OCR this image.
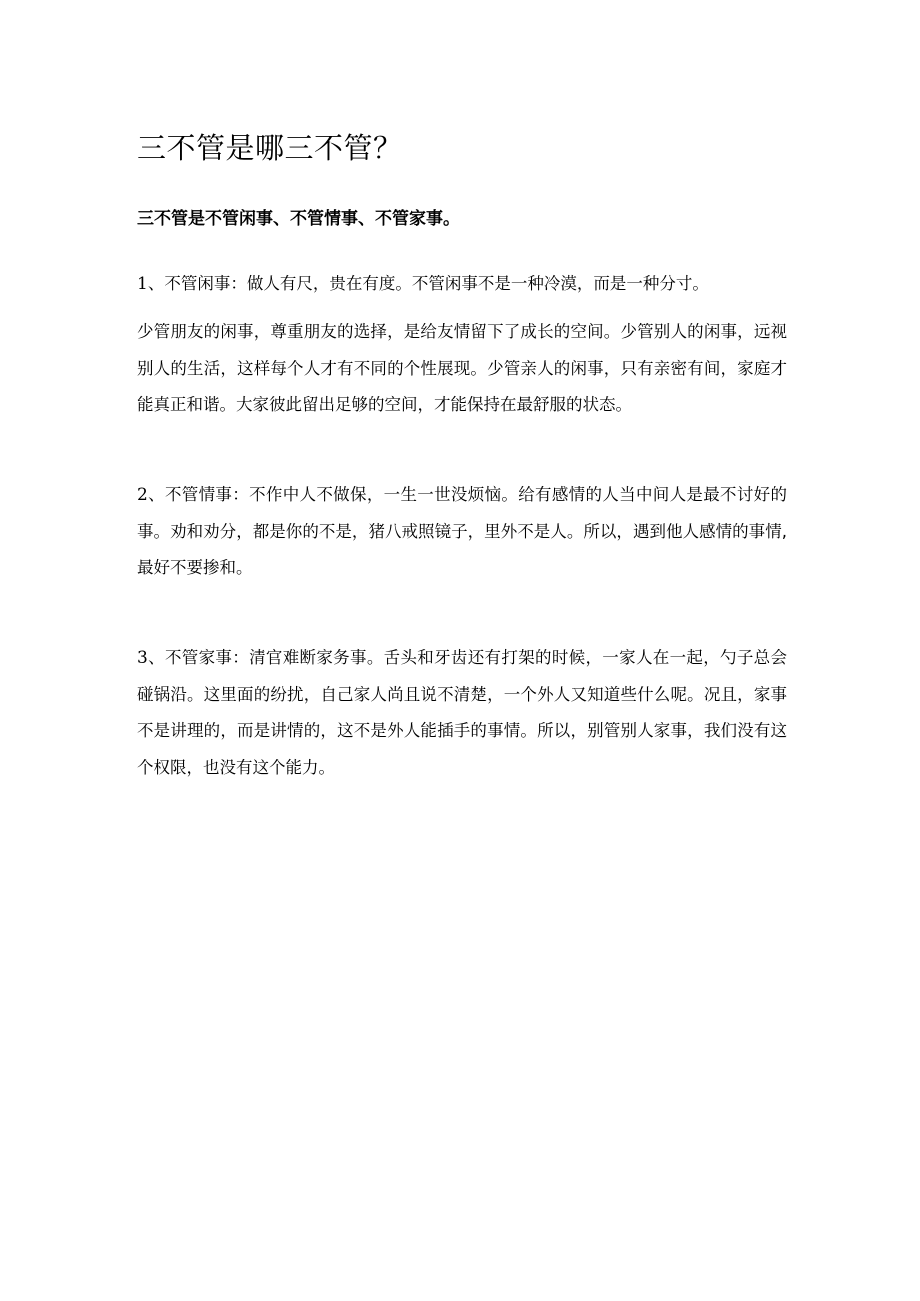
三不管是哪三不管？

三不管是不管闲事、不管情事、不管家事。

1、不管闲事：做人有尺，贵在有度。不管闲事不是一种冷漠，而是一种分寸。

少管朋友的闲事，尊重朋友的选择，是给友情留下了成长的空间。少管别人的闲事，远视别人的生活，这样每个人才有不同的个性展现。少管亲人的闲事，只有亲密有间，家庭才能真正和谐。大家彼此留出足够的空间，才能保持在最舒服的状态。

2、不管情事：不作中人不做保，一生一世没烦恼。给有感情的人当中间人是最不讨好的事。劝和劝分，都是你的不是，猪八戒照镜子，里外不是人。所以，遇到他人感情的事情,最好不要掺和。

3、不管家事：清官难断家务事。舌头和牙齿还有打架的时候，一家人在一起，勺子总会碰锅沿。这里面的纷扰，自己家人尚且说不清楚，一个外人又知道些什么呢。况且，家事不是讲理的，而是讲情的，这不是外人能插手的事情。所以，别管别人家事，我们没有这个权限，也没有这个能力。
